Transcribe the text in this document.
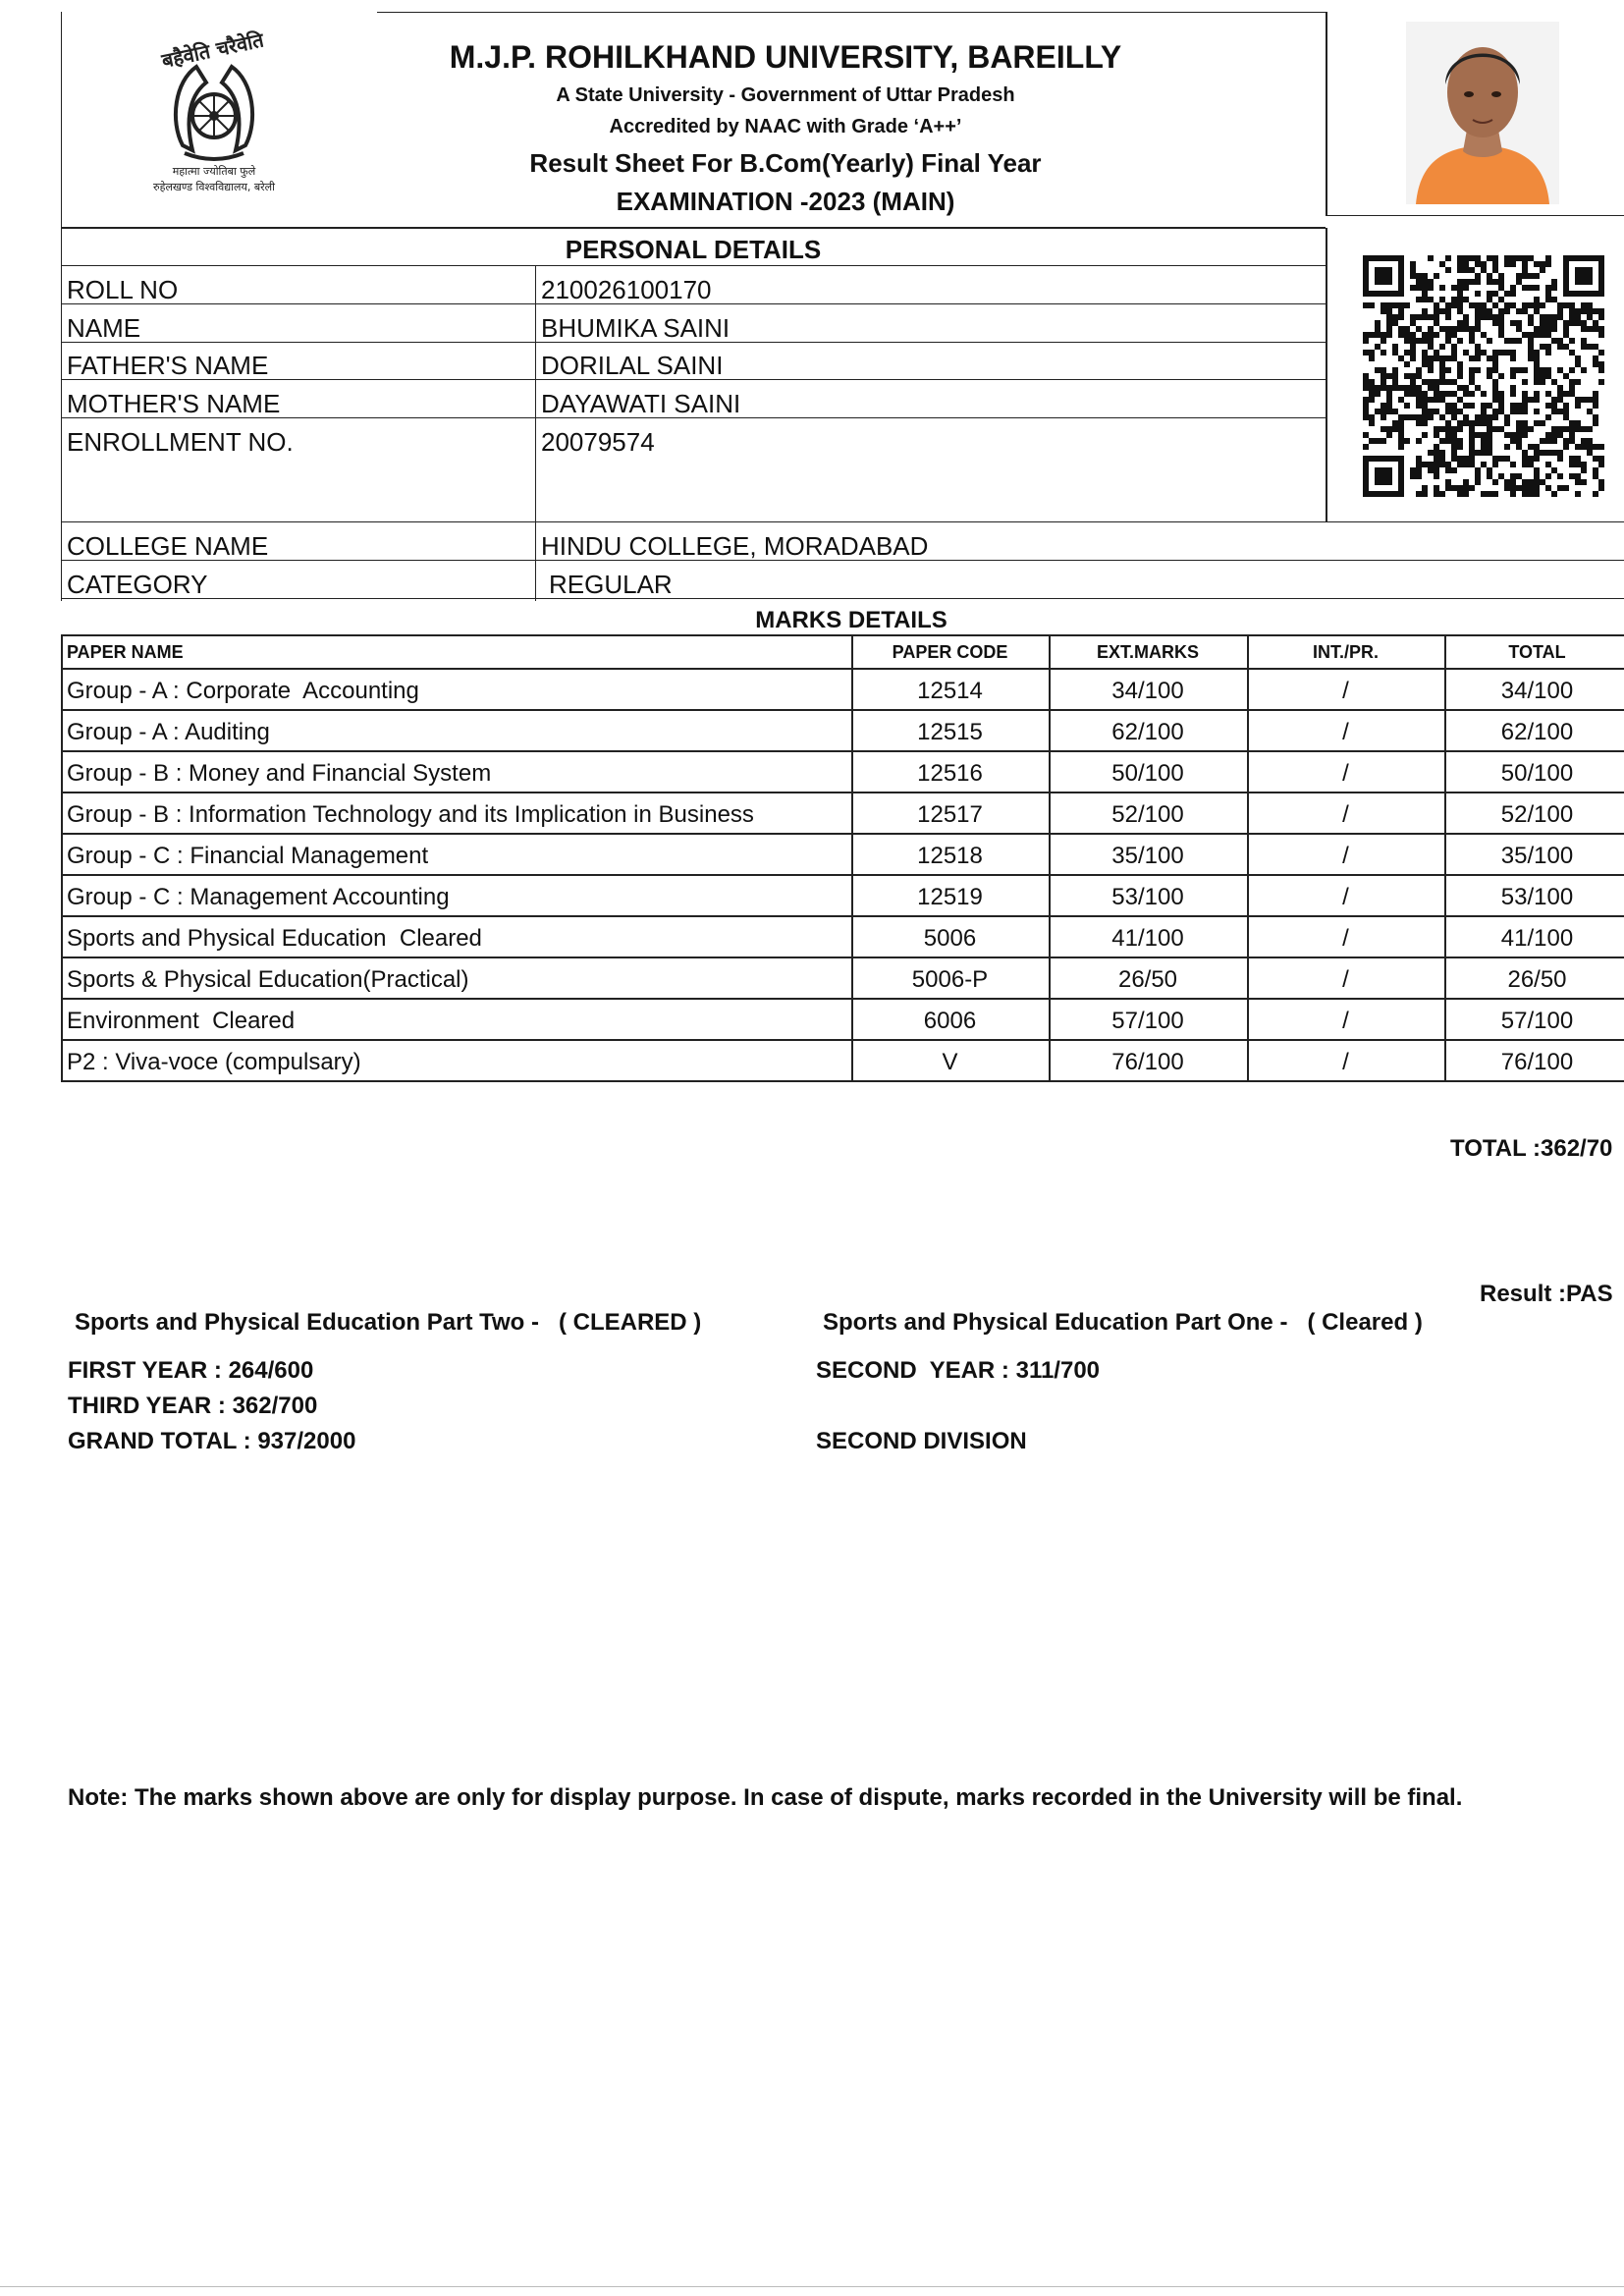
बहैवेति चरैवेति
महात्मा ज्योतिबा फुले
रुहेलखण्ड विश्वविद्यालय, बरेली
M.J.P. ROHILKHAND UNIVERSITY, BAREILLY
A State University - Government of Uttar Pradesh
Accredited by NAAC with Grade ‘A++’
Result Sheet For B.Com(Yearly) Final Year
EXAMINATION -2023 (MAIN)
PERSONAL DETAILS
ROLL NO	210026100170
NAME	BHUMIKA SAINI
FATHER'S NAME	DORILAL SAINI
MOTHER'S NAME	DAYAWATI SAINI
ENROLLMENT NO.	20079574
COLLEGE NAME	HINDU COLLEGE, MORADABAD
CATEGORY	REGULAR
MARKS DETAILS
PAPER NAME	PAPER CODE	EXT.MARKS	INT./PR.	TOTAL
Group - A : Corporate  Accounting	12514	34/100	/	34/100
Group - A : Auditing	12515	62/100	/	62/100
Group - B : Money and Financial System	12516	50/100	/	50/100
Group - B : Information Technology and its Implication in Business	12517	52/100	/	52/100
Group - C : Financial Management	12518	35/100	/	35/100
Group - C : Management Accounting	12519	53/100	/	53/100
Sports and Physical Education  Cleared	5006	41/100	/	41/100
Sports & Physical Education(Practical)	5006-P	26/50	/	26/50
Environment  Cleared	6006	57/100	/	57/100
P2 : Viva-voce (compulsary)	V	76/100	/	76/100
TOTAL :362/70
Result :PAS
Sports and Physical Education Part Two -   ( CLEARED )	Sports and Physical Education Part One -   ( Cleared )
FIRST YEAR : 264/600	SECOND  YEAR : 311/700
THIRD YEAR : 362/700
GRAND TOTAL : 937/2000	SECOND DIVISION
Note: The marks shown above are only for display purpose. In case of dispute, marks recorded in the University will be final.
